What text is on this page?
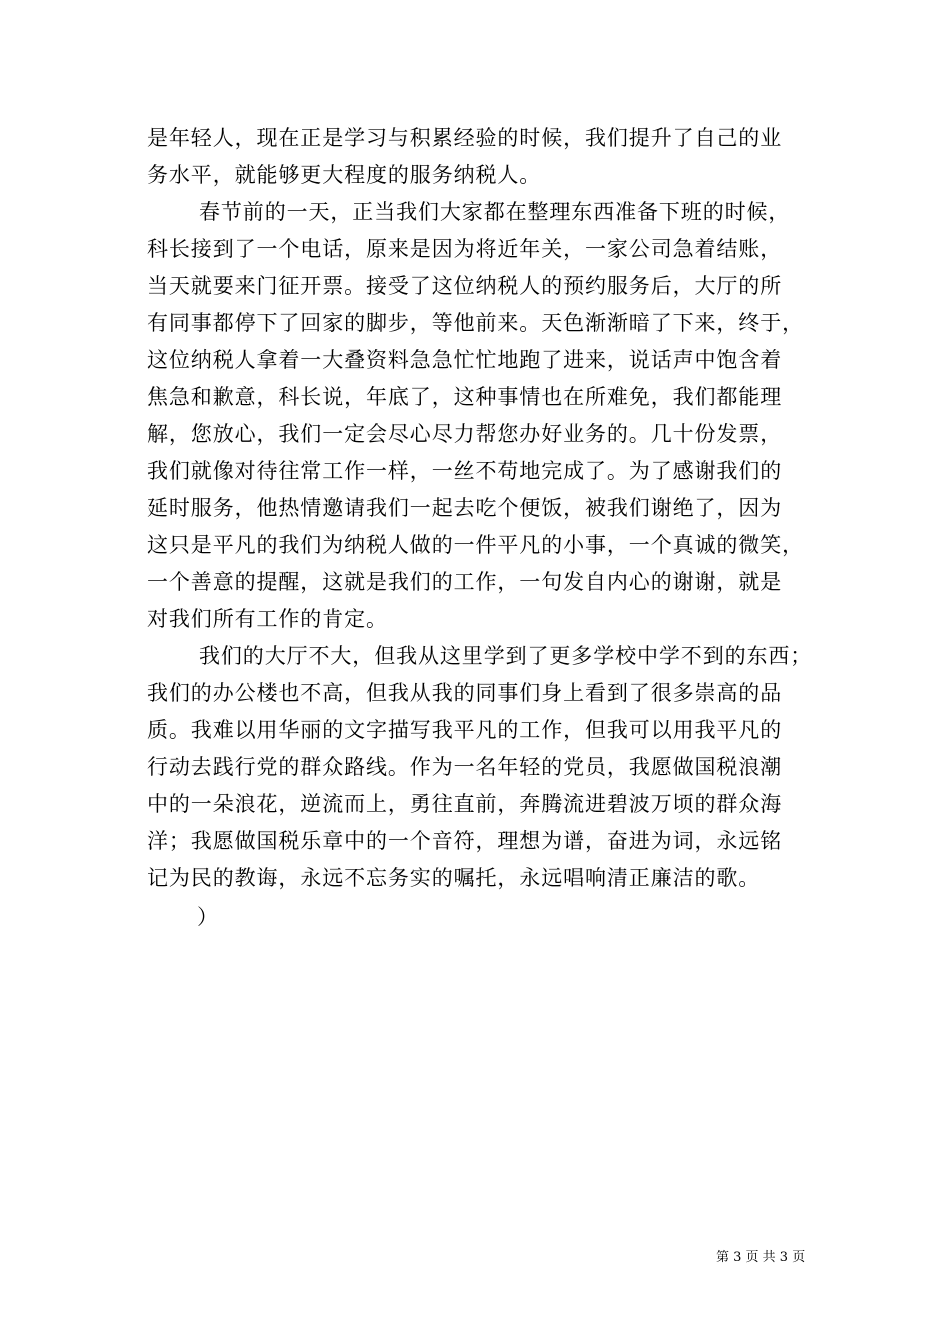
是年轻人，现在正是学习与积累经验的时候，我们提升了自己的业
务水平，就能够更大程度的服务纳税人。

春节前的一天，正当我们大家都在整理东西准备下班的时候，
科长接到了一个电话，原来是因为将近年关，一家公司急着结账，
当天就要来门征开票。接受了这位纳税人的预约服务后，大厅的所
有同事都停下了回家的脚步，等他前来。天色渐渐暗了下来，终于，
这位纳税人拿着一大叠资料急急忙忙地跑了进来，说话声中饱含着
焦急和歉意，科长说，年底了，这种事情也在所难免，我们都能理
解，您放心，我们一定会尽心尽力帮您办好业务的。几十份发票，
我们就像对待往常工作一样，一丝不苟地完成了。为了感谢我们的
延时服务，他热情邀请我们一起去吃个便饭，被我们谢绝了，因为
这只是平凡的我们为纳税人做的一件平凡的小事，一个真诚的微笑，
一个善意的提醒，这就是我们的工作，一句发自内心的谢谢，就是
对我们所有工作的肯定。

我们的大厅不大，但我从这里学到了更多学校中学不到的东西；
我们的办公楼也不高，但我从我的同事们身上看到了很多崇高的品
质。我难以用华丽的文字描写我平凡的工作，但我可以用我平凡的
行动去践行党的群众路线。作为一名年轻的党员，我愿做国税浪潮
中的一朵浪花，逆流而上，勇往直前，奔腾流进碧波万顷的群众海
洋；我愿做国税乐章中的一个音符，理想为谱，奋进为词，永远铭
记为民的教诲，永远不忘务实的嘱托，永远唱响清正廉洁的歌。

）
第 3 页 共 3 页
